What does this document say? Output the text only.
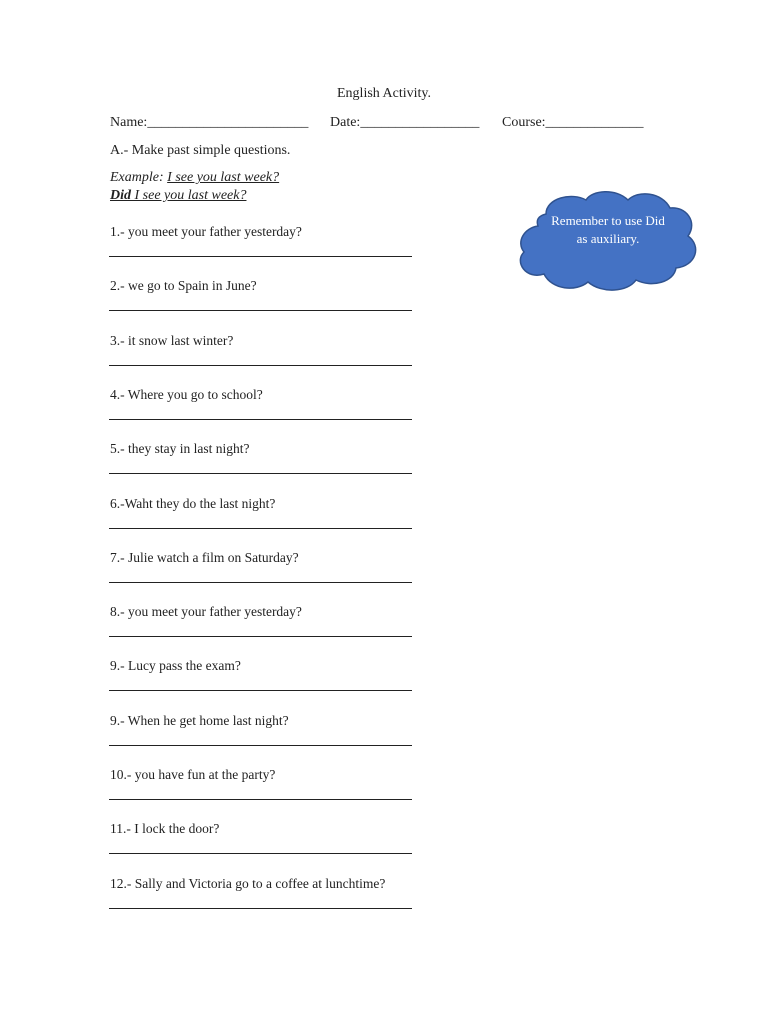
English Activity.
Name:_______________________ Date:_________________ Course:______________
A.- Make past simple questions.
Example: I see you last week?
Did I see you last week?
Remember to use Did as auxiliary.
1.- you meet your father yesterday?
2.- we go to Spain in June?
3.- it snow last winter?
4.- Where you go to school?
5.- they stay in last night?
6.-Waht they do the last night?
7.- Julie watch a film on Saturday?
8.- you meet your father yesterday?
9.- Lucy pass the exam?
9.- When he get home last night?
10.- you have fun at the party?
11.- I lock the door?
12.- Sally and Victoria go to a coffee at lunchtime?
